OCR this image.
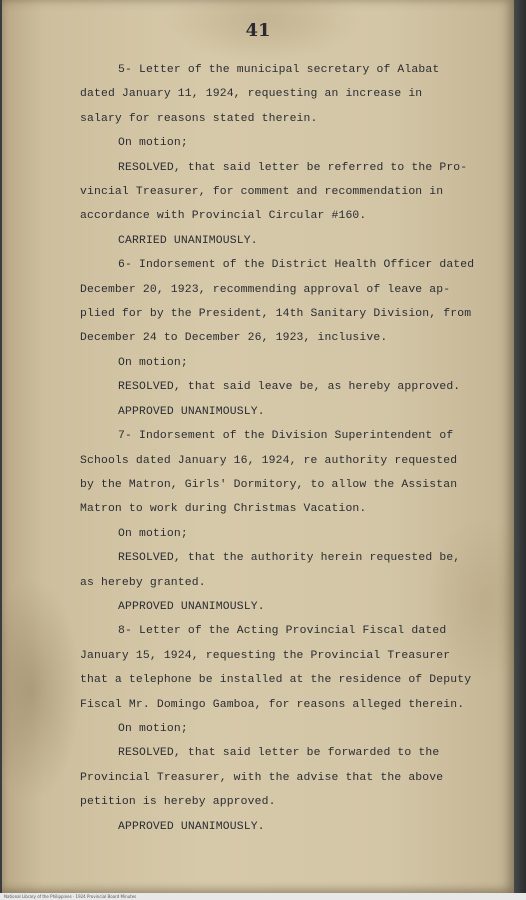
41

5- Letter of the municipal secretary of Alabat

dated January 11, 1924, requesting an increase in

salary for reasons stated therein.

On motion;

RESOLVED, that said letter be referred to the Pro-

vincial Treasurer, for comment and recommendation in

accordance with Provincial Circular #160.

CARRIED UNANIMOUSLY.

6- Indorsement of the District Health Officer dated

December 20, 1923, recommending approval of leave ap-

plied for by the President, 14th Sanitary Division, from

December 24 to December 26, 1923, inclusive.

On motion;

RESOLVED, that said leave be, as hereby approved.

APPROVED UNANIMOUSLY.

7- Indorsement of the Division Superintendent of

Schools dated January 16, 1924, re authority requested

by the Matron, Girls' Dormitory, to allow the Assistan

Matron to work during Christmas Vacation.

On motion;

RESOLVED, that the authority herein requested be,

as hereby granted.

APPROVED UNANIMOUSLY.

8- Letter of the Acting Provincial Fiscal dated

January 15, 1924, requesting the Provincial Treasurer

that a telephone be installed at the residence of Deputy

Fiscal Mr. Domingo Gamboa, for reasons alleged therein.

On motion;

RESOLVED, that said letter be forwarded to the

Provincial Treasurer, with the advise that the above

petition is hereby approved.

APPROVED UNANIMOUSLY.

National Library of the Philippines · 1924 Provincial Board Minutes
